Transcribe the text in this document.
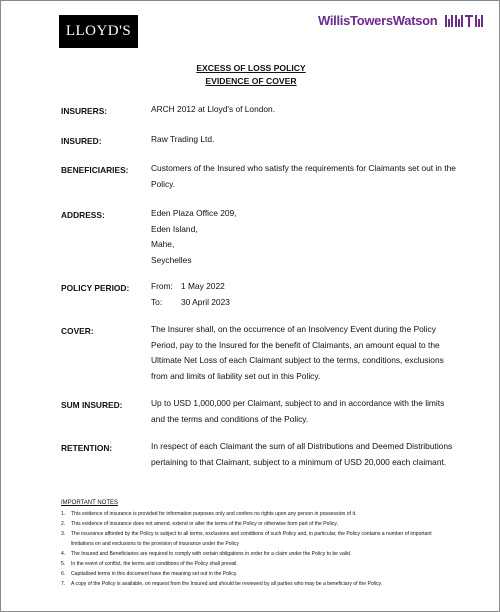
LLOYD'S
WillisTowersWatson
EXCESS OF LOSS POLICY
EVIDENCE OF COVER
INSURERS:	ARCH 2012 at Lloyd's of London.
INSURED:	Raw Trading Ltd.
BENEFICIARIES:	Customers of the Insured who satisfy the requirements for Claimants set out in the Policy.
ADDRESS:	Eden Plaza Office 209,

Eden Island,

Mahe,

Seychelles

POLICY PERIOD:	From: 1 May 2022
To:	30 April 2023
COVER:	The Insurer shall, on the occurrence of an Insolvency Event during the Policy Period, pay to the Insured for the benefit of Claimants, an amount equal to the Ultimate Net Loss of each Claimant subject to the terms, conditions, exclusions from and limits of liability set out in this Policy.
SUM INSURED:	Up to USD 1,000,000 per Claimant, subject to and in accordance with the limits and the terms and conditions of the Policy.
RETENTION:	In respect of each Claimant the sum of all Distributions and Deemed Distributions pertaining to that Claimant, subject to a minimum of USD 20,000 each claimant.
IMPORTANT NOTES
1.	This evidence of insurance is provided for information purposes only and confers no rights upon any person in possession of it.
2.	This evidence of insurance does not amend, extend or alter the terms of the Policy or otherwise form part of the Policy.
3.	The insurance afforded by the Policy is subject to all terms, exclusions and conditions of such Policy and, in particular, the Policy contains a number of important limitations on and exclusions to the provision of insurance under the Policy
4.	The Insured and Beneficiaries are required to comply with certain obligations in order for a claim under the Policy to be valid.
5.	In the event of conflict, the terms and conditions of the Policy shall prevail.
6.	Capitalised terms in this document have the meaning set out in the Policy.
7.	A copy of the Policy is available, on request from the Insured and should be reviewed by all parties who may be a beneficiary of the Policy.
